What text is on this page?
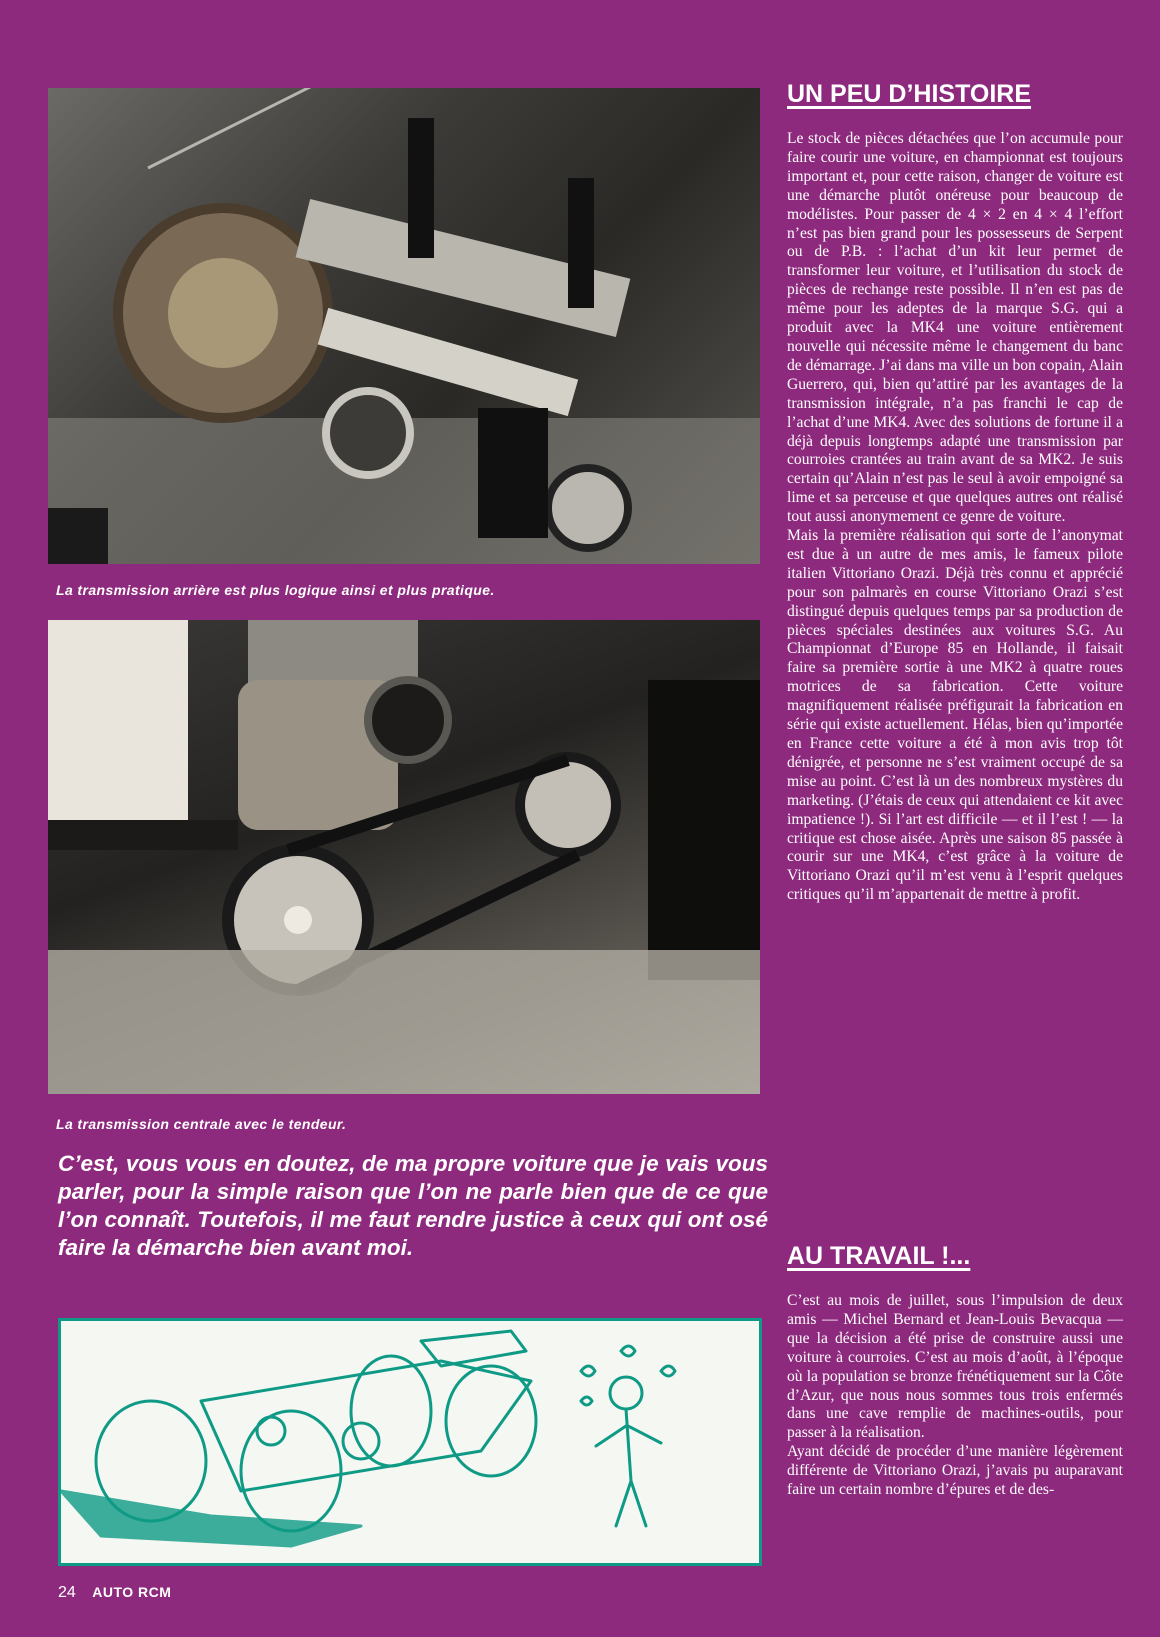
La transmission arrière est plus logique ainsi et plus pratique.
La transmission centrale avec le tendeur.

C’est, vous vous en doutez, de ma propre voiture que je vais vous parler, pour la simple raison que l’on ne parle bien que de ce que l’on connaît. Toutefois, il me faut rendre justice à ceux qui ont osé faire la démarche bien avant moi.

24 AUTO RCM
UN PEU D’HISTOIRE

Le stock de pièces détachées que l’on accumule pour faire courir une voiture, en championnat est toujours important et, pour cette raison, changer de voiture est une démarche plutôt onéreuse pour beaucoup de modélistes. Pour passer de 4 × 2 en 4 × 4 l’effort n’est pas bien grand pour les possesseurs de Serpent ou de P.B. : l’achat d’un kit leur permet de transformer leur voiture, et l’utilisation du stock de pièces de rechange reste possible. Il n’en est pas de même pour les adeptes de la marque S.G. qui a produit avec la MK4 une voiture entièrement nouvelle qui nécessite même le changement du banc de démarrage. J’ai dans ma ville un bon copain, Alain Guerrero, qui, bien qu’attiré par les avantages de la transmission intégrale, n’a pas franchi le cap de l’achat d’une MK4. Avec des solutions de fortune il a déjà depuis longtemps adapté une transmission par courroies crantées au train avant de sa MK2. Je suis certain qu’Alain n’est pas le seul à avoir empoigné sa lime et sa perceuse et que quelques autres ont réalisé tout aussi anonymement ce genre de voiture.

Mais la première réalisation qui sorte de l’anonymat est due à un autre de mes amis, le fameux pilote italien Vittoriano Orazi. Déjà très connu et apprécié pour son palmarès en course Vittoriano Orazi s’est distingué depuis quelques temps par sa production de pièces spéciales destinées aux voitures S.G. Au Championnat d’Europe 85 en Hollande, il faisait faire sa première sortie à une MK2 à quatre roues motrices de sa fabrication. Cette voiture magnifiquement réalisée préfigurait la fabrication en série qui existe actuellement. Hélas, bien qu’importée en France cette voiture a été à mon avis trop tôt dénigrée, et personne ne s’est vraiment occupé de sa mise au point. C’est là un des nombreux mystères du marketing. (J’étais de ceux qui attendaient ce kit avec impatience !). Si l’art est difficile — et il l’est ! — la critique est chose aisée. Après une saison 85 passée à courir sur une MK4, c’est grâce à la voiture de Vittoriano Orazi qu’il m’est venu à l’esprit quelques critiques qu’il m’appartenait de mettre à profit.

AU TRAVAIL !...

C’est au mois de juillet, sous l’impulsion de deux amis — Michel Bernard et Jean-Louis Bevacqua — que la décision a été prise de construire aussi une voiture à courroies. C’est au mois d’août, à l’époque où la population se bronze frénétiquement sur la Côte d’Azur, que nous nous sommes tous trois enfermés dans une cave remplie de machines-outils, pour passer à la réalisation.

Ayant décidé de procéder d’une manière légèrement différente de Vittoriano Orazi, j’avais pu auparavant faire un certain nombre d’épures et de des-
